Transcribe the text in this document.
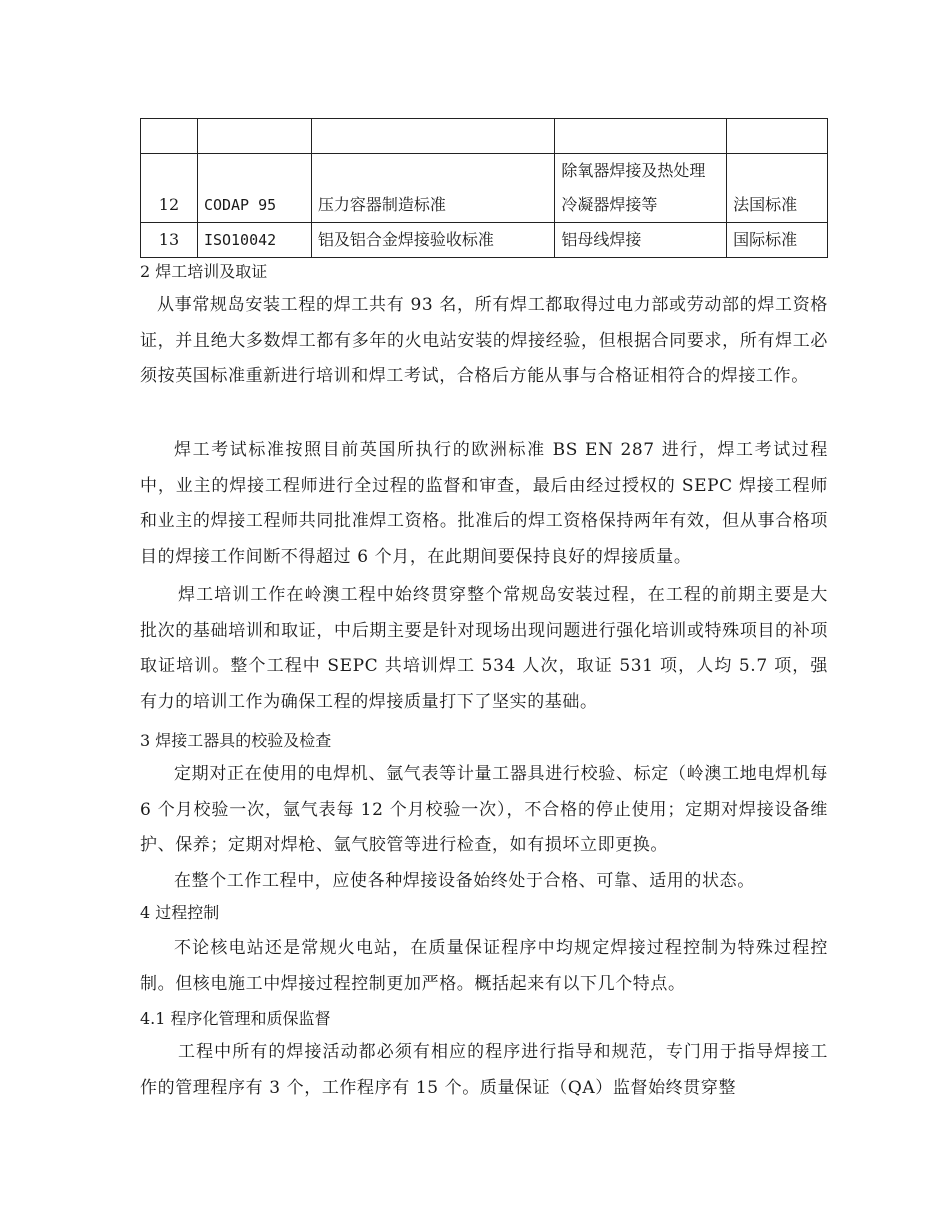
12	CODAP 95	压力容器制造标准	除氧器焊接及热处理冷凝器焊接等	法国标准
13	ISO10042	铝及铝合金焊接验收标准	铝母线焊接	国际标准
2 焊工培训及取证

从事常规岛安装工程的焊工共有 93 名，所有焊工都取得过电力部或劳动部的焊工资格证，并且绝大多数焊工都有多年的火电站安装的焊接经验，但根据合同要求，所有焊工必须按英国标准重新进行培训和焊工考试，合格后方能从事与合格证相符合的焊接工作。

焊工考试标准按照目前英国所执行的欧洲标准 BS EN 287 进行，焊工考试过程中，业主的焊接工程师进行全过程的监督和审查，最后由经过授权的 SEPC 焊接工程师和业主的焊接工程师共同批准焊工资格。批准后的焊工资格保持两年有效，但从事合格项目的焊接工作间断不得超过 6 个月，在此期间要保持良好的焊接质量。

焊工培训工作在岭澳工程中始终贯穿整个常规岛安装过程，在工程的前期主要是大批次的基础培训和取证，中后期主要是针对现场出现问题进行强化培训或特殊项目的补项取证培训。整个工程中 SEPC 共培训焊工 534 人次，取证 531 项，人均 5.7 项，强有力的培训工作为确保工程的焊接质量打下了坚实的基础。

3 焊接工器具的校验及检查

定期对正在使用的电焊机、氩气表等计量工器具进行校验、标定（岭澳工地电焊机每 6 个月校验一次，氩气表每 12 个月校验一次），不合格的停止使用；定期对焊接设备维护、保养；定期对焊枪、氩气胶管等进行检查，如有损坏立即更换。

在整个工作工程中，应使各种焊接设备始终处于合格、可靠、适用的状态。

4 过程控制

不论核电站还是常规火电站，在质量保证程序中均规定焊接过程控制为特殊过程控制。但核电施工中焊接过程控制更加严格。概括起来有以下几个特点。

4.1 程序化管理和质保监督

工程中所有的焊接活动都必须有相应的程序进行指导和规范，专门用于指导焊接工作的管理程序有 3 个，工作程序有 15 个。质量保证（QA）监督始终贯穿整
